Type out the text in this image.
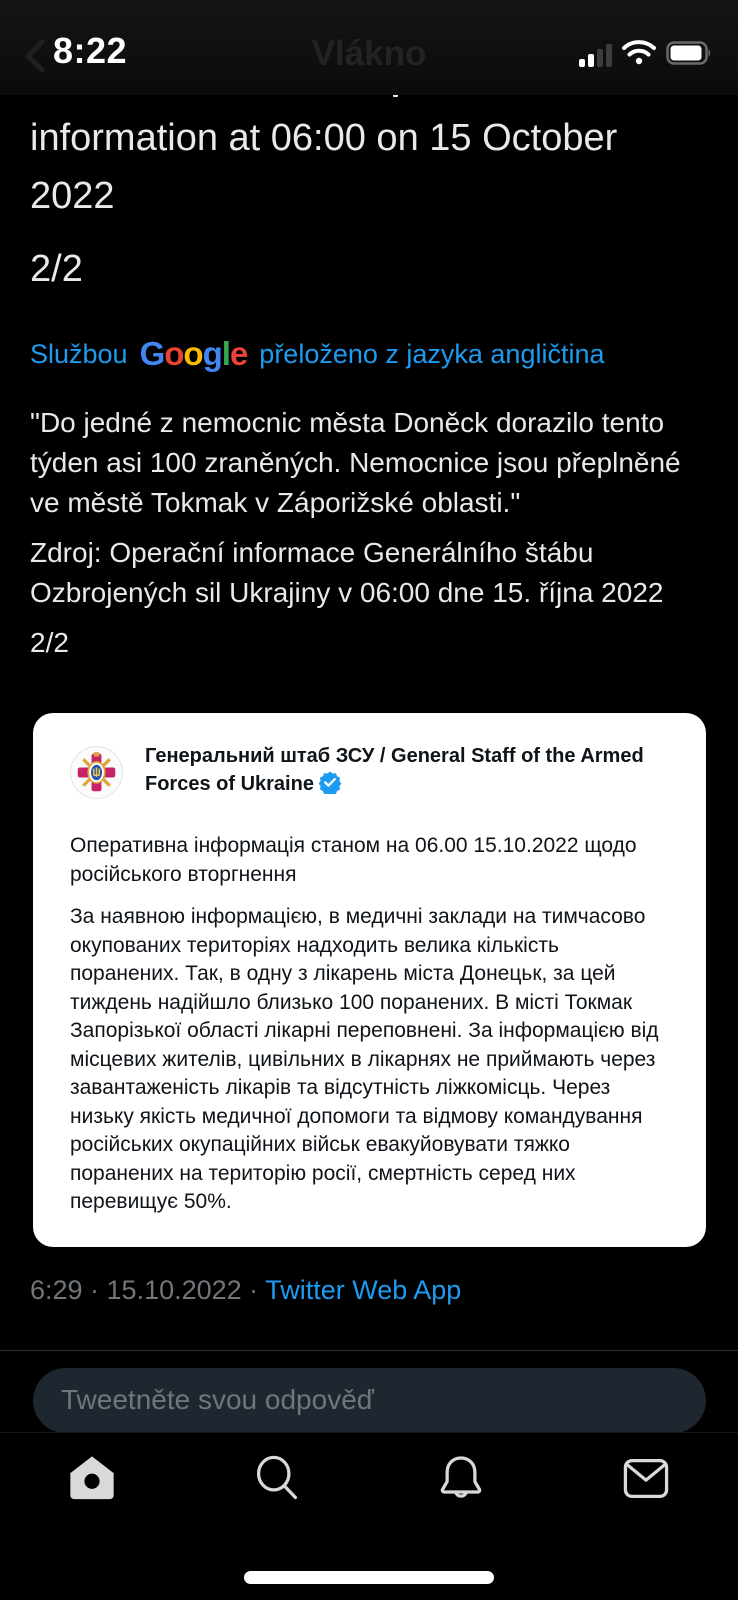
8:22	Vlákno

information at 06:00 on 15 October 2022

2/2

Službou G o o g l e přeloženo z jazyka angličtina

"Do jedné z nemocnic města Doněck dorazilo tento týden asi 100 zraněných. Nemocnice jsou přeplněné ve městě Tokmak v Záporižské oblasti."

Zdroj: Operační informace Generálního štábu Ozbrojených sil Ukrajiny v 06:00 dne 15. října 2022

2/2

Генеральний штаб ЗСУ / General Staff of the Armed Forces of Ukraine

Оперативна інформація станом на 06.00 15.10.2022 щодо російського вторгнення

За наявною інформацією, в медичні заклади на тимчасово окупованих територіях надходить велика кількість поранених. Так, в одну з лікарень міста Донецьк, за цей тиждень надійшло близько 100 поранених. В місті Токмак Запорізької області лікарні переповнені. За інформацією від місцевих жителів, цивільних в лікарнях не приймають через завантаженість лікарів та відсутність ліжкомісць. Через низьку якість медичної допомоги та відмову командування російських окупаційних військ евакуйовувати тяжко поранених на територію росії, смертність серед них перевищує 50%.

6:29 · 15.10.2022 · Twitter Web App

Tweetněte svou odpověď
